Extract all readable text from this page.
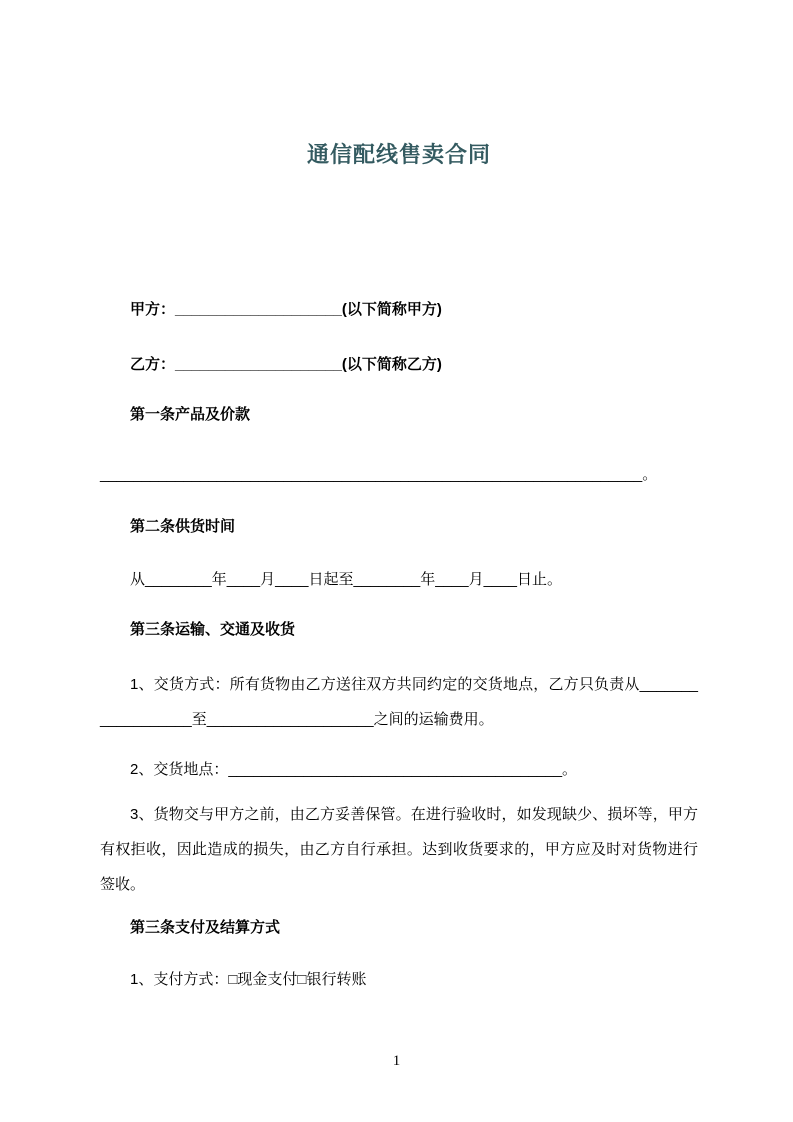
通信配线售卖合同

甲方：____________________(以下简称甲方)

乙方：____________________(以下简称乙方)

第一条产品及价款

_________________________________________________________________。

第二条供货时间

从________年____月____日起至________年____月____日止。

第三条运输、交通及收货

1、交货方式：所有货物由乙方送往双方共同约定的交货地点，乙方只负责从__________________至____________________之间的运输费用。

2、交货地点：________________________________________。

3、货物交与甲方之前，由乙方妥善保管。在进行验收时，如发现缺少、损坏等，甲方有权拒收，因此造成的损失，由乙方自行承担。达到收货要求的，甲方应及时对货物进行签收。

第三条支付及结算方式

1、支付方式：□现金支付□银行转账

1
